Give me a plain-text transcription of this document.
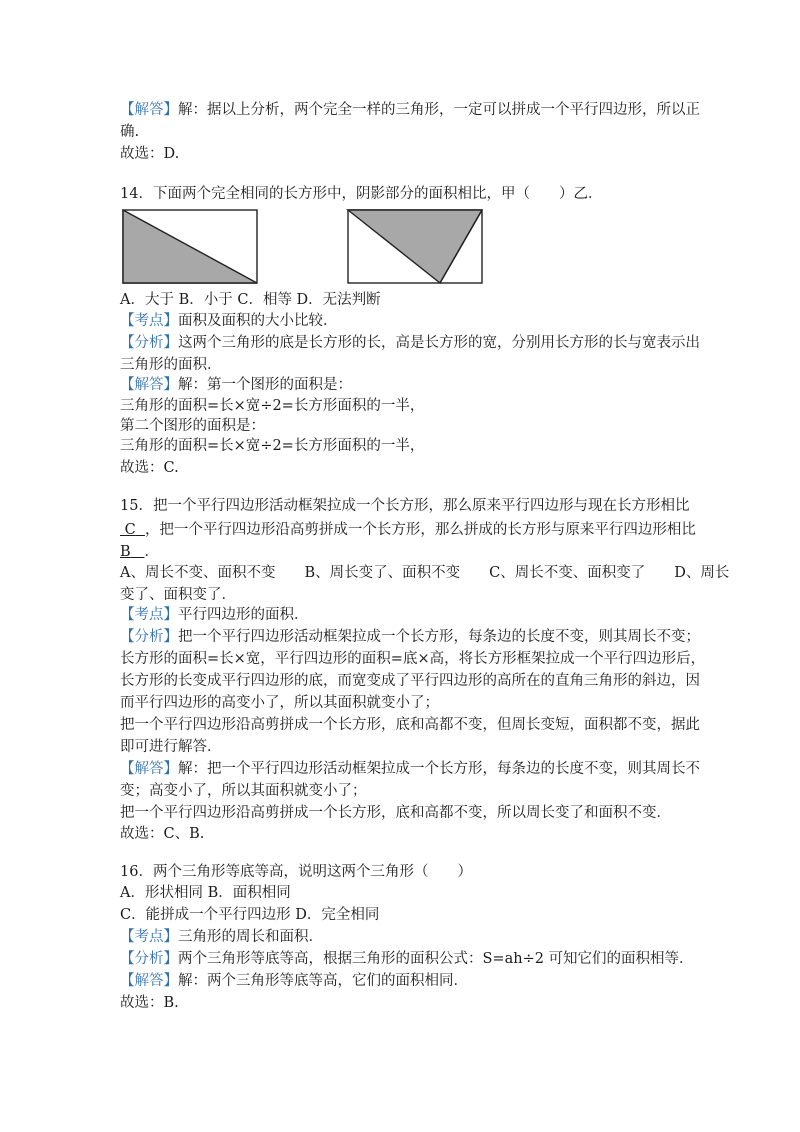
【解答】解：据以上分析，两个完全一样的三角形，一定可以拼成一个平行四边形，所以正
确.
故选：D.
14．下面两个完全相同的长方形中，阴影部分的面积相比，甲（　　）乙．
A．大于 B．小于 C．相等 D．无法判断
【考点】面积及面积的大小比较．
【分析】这两个三角形的底是长方形的长，高是长方形的宽，分别用长方形的长与宽表示出
三角形的面积．
【解答】解：第一个图形的面积是：
三角形的面积=长×宽÷2=长方形面积的一半，
第二个图形的面积是：
三角形的面积=长×宽÷2=长方形面积的一半，
故选：C.
15．把一个平行四边形活动框架拉成一个长方形，那么原来平行四边形与现在长方形相比
C ，把一个平行四边形沿高剪拼成一个长方形，那么拼成的长方形与原来平行四边形相比
B ．
A、周长不变、面积不变　　B、周长变了、面积不变　　C、周长不变、面积变了　　D、周长
变了、面积变了．
【考点】平行四边形的面积．
【分析】把一个平行四边形活动框架拉成一个长方形，每条边的长度不变，则其周长不变；
长方形的面积=长×宽，平行四边形的面积=底×高，将长方形框架拉成一个平行四边形后，
长方形的长变成平行四边形的底，而宽变成了平行四边形的高所在的直角三角形的斜边，因
而平行四边形的高变小了，所以其面积就变小了；
把一个平行四边形沿高剪拼成一个长方形，底和高都不变，但周长变短，面积都不变，据此
即可进行解答．
【解答】解：把一个平行四边形活动框架拉成一个长方形，每条边的长度不变，则其周长不
变；高变小了，所以其面积就变小了；
把一个平行四边形沿高剪拼成一个长方形，底和高都不变，所以周长变了和面积不变．
故选：C、B.
16．两个三角形等底等高，说明这两个三角形（　　）
A．形状相同 B．面积相同
C．能拼成一个平行四边形 D．完全相同
【考点】三角形的周长和面积．
【分析】两个三角形等底等高，根据三角形的面积公式：S=ah÷2 可知它们的面积相等．
【解答】解：两个三角形等底等高，它们的面积相同．
故选：B.
